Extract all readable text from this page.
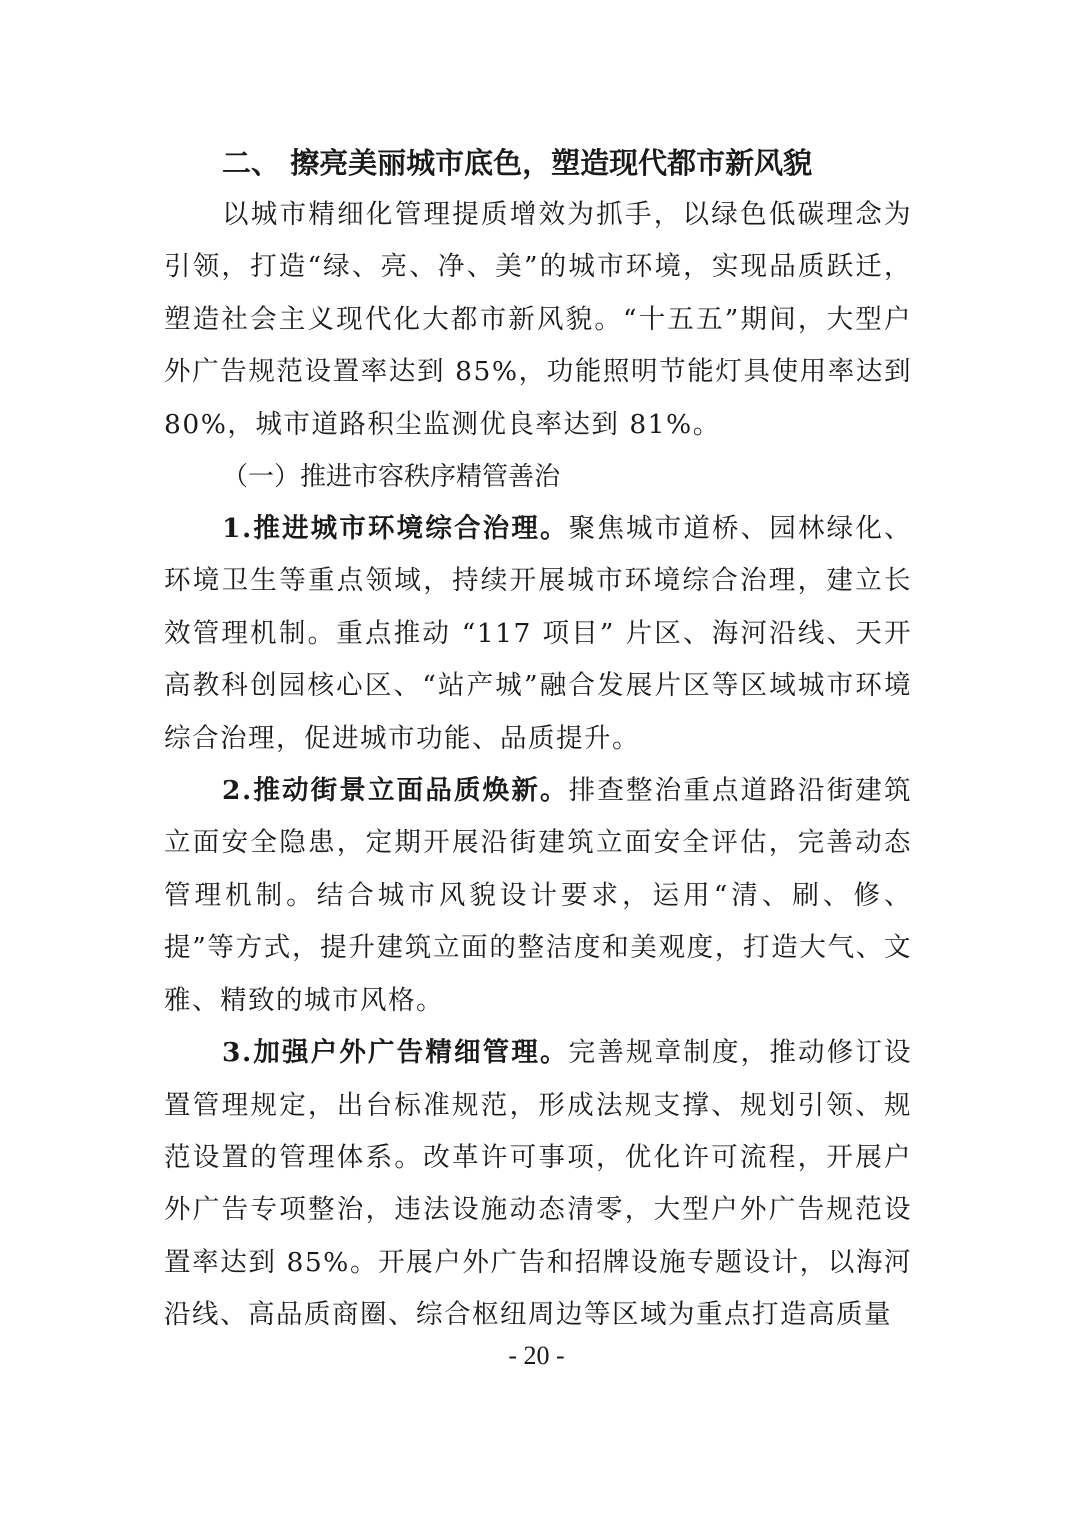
二、 擦亮美丽城市底色，塑造现代都市新风貌

以城市精细化管理提质增效为抓手，以绿色低碳理念为引领，打造“绿、亮、净、美”的城市环境，实现品质跃迁，塑造社会主义现代化大都市新风貌。“十五五”期间，大型户外广告规范设置率达到 85%，功能照明节能灯具使用率达到 80%，城市道路积尘监测优良率达到 81%。

（一）推进市容秩序精管善治

1.推进城市环境综合治理。聚焦城市道桥、园林绿化、环境卫生等重点领域，持续开展城市环境综合治理，建立长效管理机制。重点推动 “117 项目” 片区、海河沿线、天开高教科创园核心区、“站产城”融合发展片区等区域城市环境综合治理，促进城市功能、品质提升。

2.推动街景立面品质焕新。排查整治重点道路沿街建筑立面安全隐患，定期开展沿街建筑立面安全评估，完善动态管理机制。结合城市风貌设计要求，运用“清、刷、修、提”等方式，提升建筑立面的整洁度和美观度，打造大气、文雅、精致的城市风格。

3.加强户外广告精细管理。完善规章制度，推动修订设置管理规定，出台标准规范，形成法规支撑、规划引领、规范设置的管理体系。改革许可事项，优化许可流程，开展户外广告专项整治，违法设施动态清零，大型户外广告规范设置率达到 85%。开展户外广告和招牌设施专题设计，以海河沿线、高品质商圈、综合枢纽周边等区域为重点打造高质量

- 20 -
